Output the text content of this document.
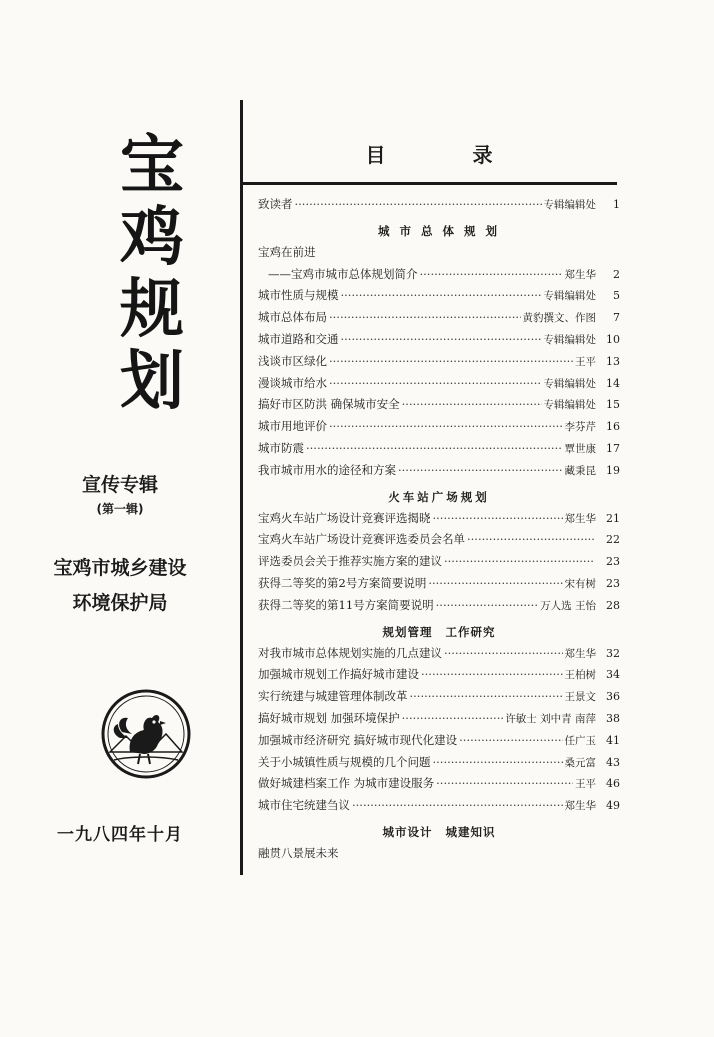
宝
鸡
规
划
宣传专辑
(第一辑)
宝鸡市城乡建设
环境保护局
一九八四年十月
目 录
致读者 ·····	专辑编辑处	1
城 市 总 体 规 划
宝鸡在前进
——宝鸡市城市总体规划简介 ·····	郑生华	2
城市性质与规模 ·····	专辑编辑处	5
城市总体布局 ·····	黄豹撰文、作图	7
城市道路和交通 ·····	专辑编辑处 10
浅谈市区绿化 ·····	王平 13
漫谈城市给水 ·····	专辑编辑处 14
搞好市区防洪 确保城市安全 ·····	专辑编辑处 15
城市用地评价 ·····	李芬芹 16
城市防震 ·····	覃世康 17
我市城市用水的途径和方案 ·····	藏秉昆 19
火车站广场规划
宝鸡火车站广场设计竞赛评选揭晓 ·····	郑生华 21
宝鸡火车站广场设计竞赛评选委员会名单 ·····	22
评选委员会关于推荐实施方案的建议 ·····	23
获得二等奖的第2号方案简要说明 ·····	宋有树 23
获得二等奖的第11号方案简要说明 ·····	万人选 王怡 28
规划管理 工作研究
对我市城市总体规划实施的几点建议 ·····	郑生华 32
加强城市规划工作搞好城市建设 ·····	王柏树 34
实行统建与城建管理体制改革 ·····	王景文 36
搞好城市规划 加强环境保护 ·····	许敏士 刘中青 南萍 38
加强城市经济研究 搞好城市现代化建设 ·····	任广玉 41
关于小城镇性质与规模的几个问题 ·····	桑元富 43
做好城建档案工作 为城市建设服务 ·····	王平 46
城市住宅统建刍议 ·····	郑生华 49
城市设计 城建知识
融贯八景展未来
